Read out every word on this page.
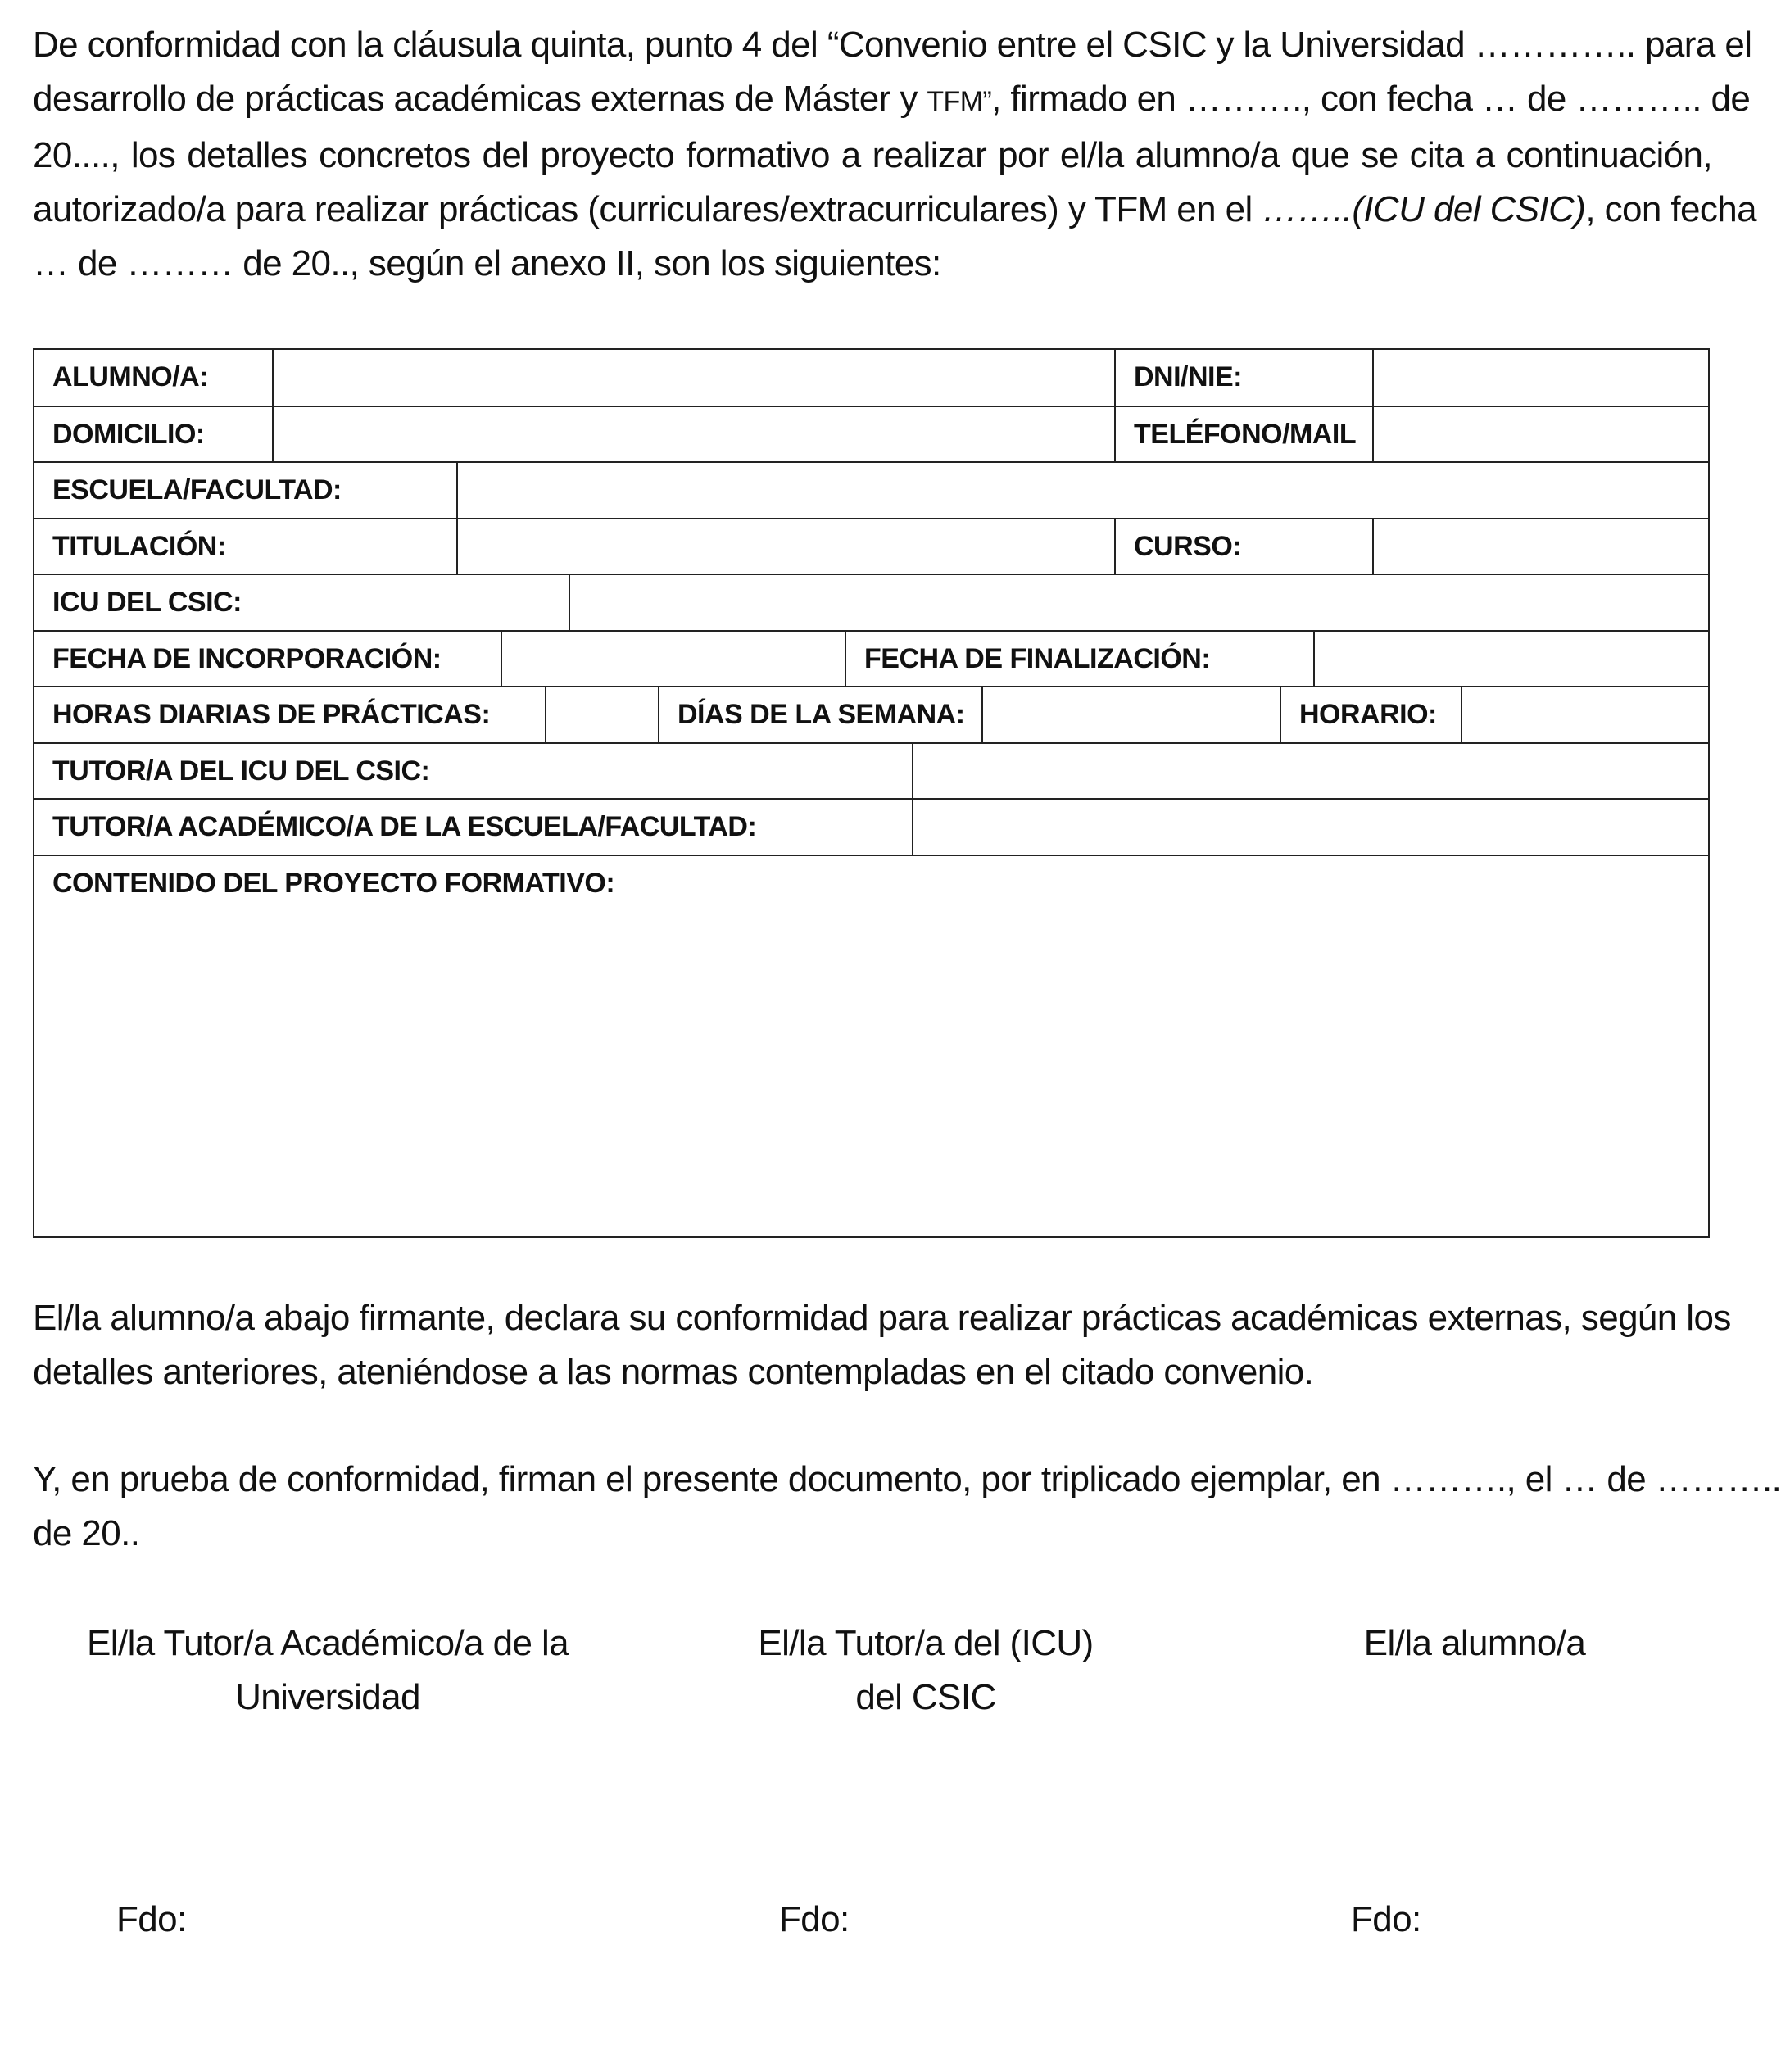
De conformidad con la cláusula quinta, punto 4 del “Convenio entre el CSIC y la Universidad ………….. para el
desarrollo de prácticas académicas externas de Máster y TFM”, firmado en ………., con fecha … de ……….. de
20...., los detalles concretos del proyecto formativo a realizar por el/la alumno/a que se cita a continuación,
autorizado/a para realizar prácticas (curriculares/extracurriculares) y TFM en el ……..(ICU del CSIC), con fecha
… de ……… de 20.., según el anexo II, son los siguientes:
ALUMNO/A:	DNI/NIE:
DOMICILIO:	TELÉFONO/MAIL
ESCUELA/FACULTAD:
TITULACIÓN:	CURSO:
ICU DEL CSIC:
FECHA DE INCORPORACIÓN:	FECHA DE FINALIZACIÓN:
HORAS DIARIAS DE PRÁCTICAS:	DÍAS DE LA SEMANA:	HORARIO:
TUTOR/A DEL ICU DEL CSIC:
TUTOR/A ACADÉMICO/A DE LA ESCUELA/FACULTAD:
CONTENIDO DEL PROYECTO FORMATIVO:
El/la alumno/a abajo firmante, declara su conformidad para realizar prácticas académicas externas, según los
detalles anteriores, ateniéndose a las normas contempladas en el citado convenio.
Y, en prueba de conformidad, firman el presente documento, por triplicado ejemplar, en ………., el … de ………..
de 20..
El/la Tutor/a Académico/a de la
Universidad
El/la Tutor/a del (ICU)
del CSIC
El/la alumno/a
Fdo:	Fdo:	Fdo:
